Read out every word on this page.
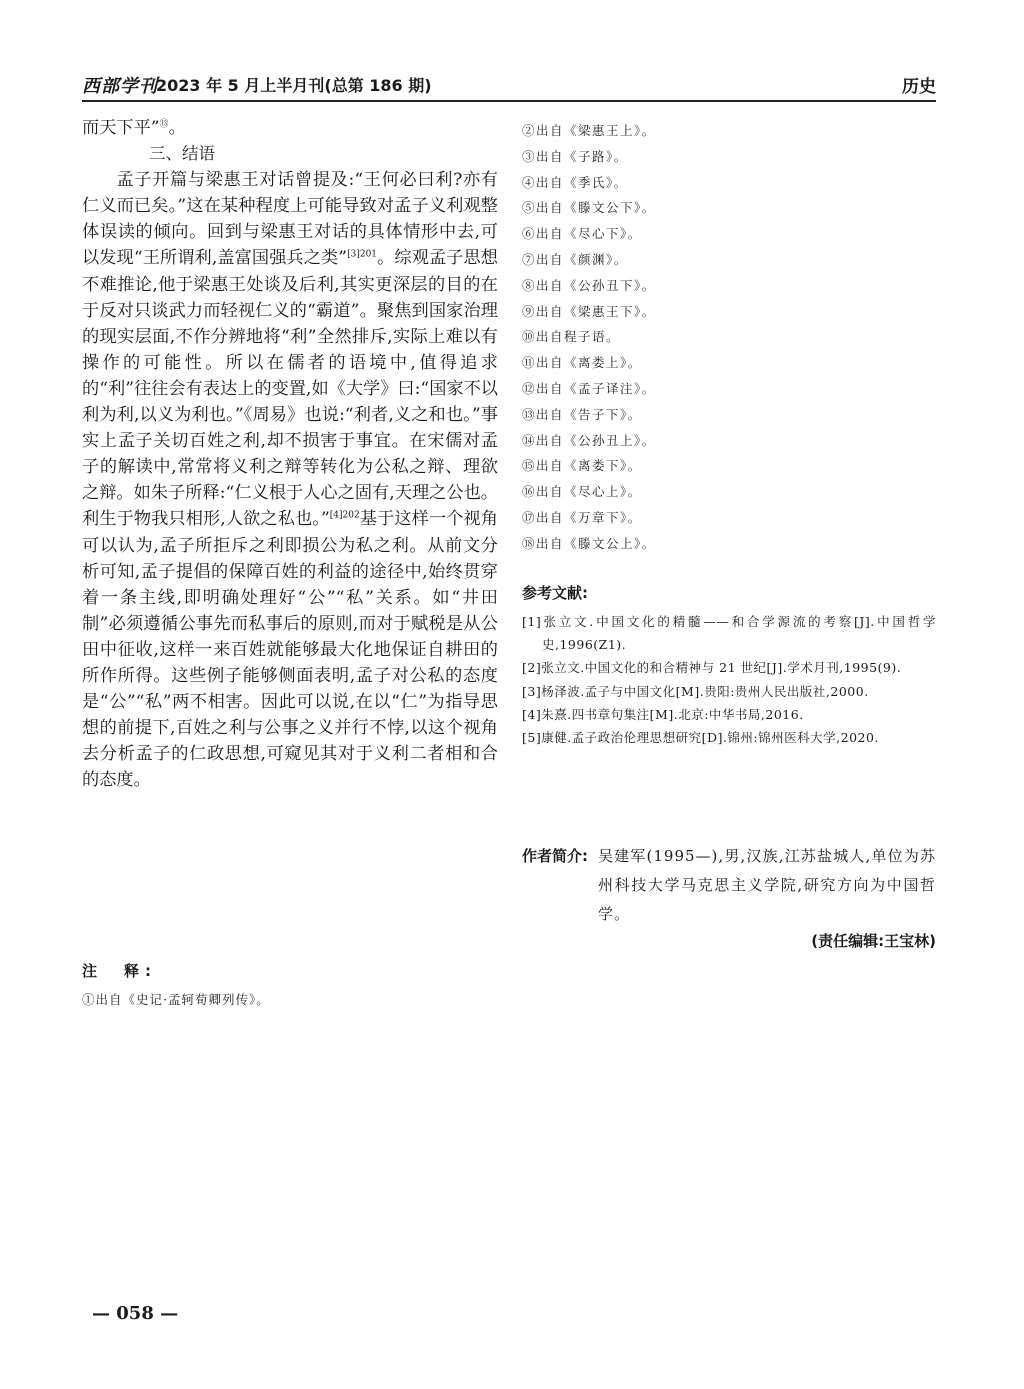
西部学刊
2023 年 5 月上半月刊(总第 186 期)	历史

而天下平”⑬。

三、结语

孟子开篇与梁惠王对话曾提及:“王何必曰利?亦有仁义而已矣。”这在某种程度上可能导致对孟子义利观整体误读的倾向。回到与梁惠王对话的具体情形中去,可以发现“王所谓利,盖富国强兵之类”$^{[3]201}$。综观孟子思想不难推论,他于梁惠王处谈及后利,其实更深层的目的在于反对只谈武力而轻视仁义的“霸道”。聚焦到国家治理的现实层面,不作分辨地将“利”全然排斥,实际上难以有操作的可能性。所以在儒者的语境中,值得追求的“利”往往会有表达上的变置,如《大学》曰:“国家不以利为利,以义为利也。”《周易》也说:“利者,义之和也。”事实上孟子关切百姓之利,却不损害于事宜。在宋儒对孟子的解读中,常常将义利之辩等转化为公私之辩、理欲之辩。如朱子所释:“仁义根于人心之固有,天理之公也。利生于物我只相形,人欲之私也。”$^{[4]202}$基于这样一个视角可以认为,孟子所拒斥之利即损公为私之利。从前文分析可知,孟子提倡的保障百姓的利益的途径中,始终贯穿着一条主线,即明确处理好“公”“私”关系。如“井田制”必须遵循公事先而私事后的原则,而对于赋税是从公田中征收,这样一来百姓就能够最大化地保证自耕田的所作所得。这些例子能够侧面表明,孟子对公私的态度是“公”“私”两不相害。因此可以说,在以“仁”为指导思想的前提下,百姓之利与公事之义并行不悖,以这个视角去分析孟子的仁政思想,可窥见其对于义利二者相和合的态度。

注　释:
①出自《史记·孟轲荀卿列传》。
②出自《梁惠王上》。
③出自《子路》。
④出自《季氏》。
⑤出自《滕文公下》。
⑥出自《尽心下》。
⑦出自《颜渊》。
⑧出自《公孙丑下》。
⑨出自《梁惠王下》。
⑩出自程子语。
⑪出自《离娄上》。
⑫出自《孟子译注》。
⑬出自《告子下》。
⑭出自《公孙丑上》。
⑮出自《离娄下》。
⑯出自《尽心上》。
⑰出自《万章下》。
⑱出自《滕文公上》。
参考文献:
[1]张立文.中国文化的精髓——和合学源流的考察[J].中国哲学史,1996(Z1).
[2]张立文.中国文化的和合精神与 21 世纪[J].学术月刊,1995(9).
[3]杨泽波.孟子与中国文化[M].贵阳:贵州人民出版社,2000.
[4]朱熹.四书章句集注[M].北京:中华书局,2016.
[5]康健.孟子政治伦理思想研究[D].锦州:锦州医科大学,2020.
作者简介: 吴建军(1995—),男,汉族,江苏盐城人,单位为苏州科技大学马克思主义学院,研究方向为中国哲学。
(责任编辑:王宝林)
— 058 —
